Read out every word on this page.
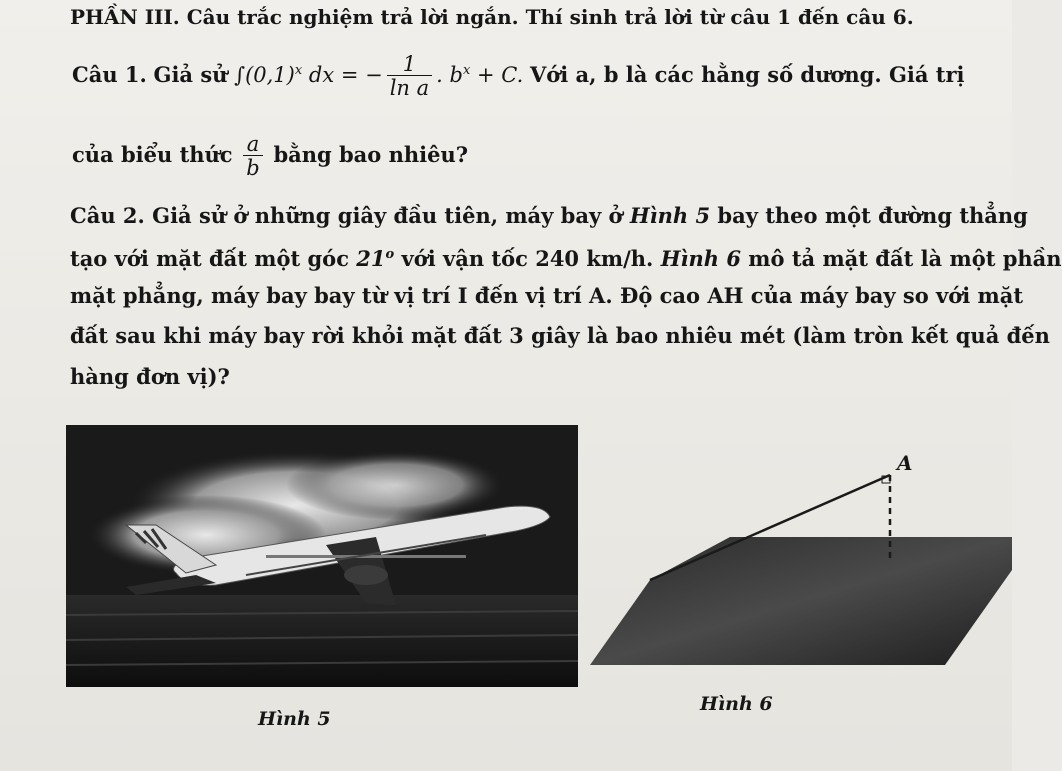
PHẦN III. Câu trắc nghiệm trả lời ngắn. Thí sinh trả lời từ câu 1 đến câu 6.
Câu 1. Giả sử $\int(0,1)^x$ dx = − $\frac{1}{\text{ln a}}$ . $b^x + C$. Với a, b là các hằng số dương. Giá trị
của biểu thức $\frac{a}{b}$ bằng bao nhiêu?
Câu 2. Giả sử ở những giây đầu tiên, máy bay ở Hình 5 bay theo một đường thẳng
tạo với mặt đất một góc 21$^o$ với vận tốc 240 km/h. Hình 6 mô tả mặt đất là một phần
mặt phẳng, máy bay bay từ vị trí I đến vị trí A. Độ cao AH của máy bay so với mặt
đất sau khi máy bay rời khỏi mặt đất 3 giây là bao nhiêu mét (làm tròn kết quả đến
hàng đơn vị)?
Hình 5
A
Hình 6
